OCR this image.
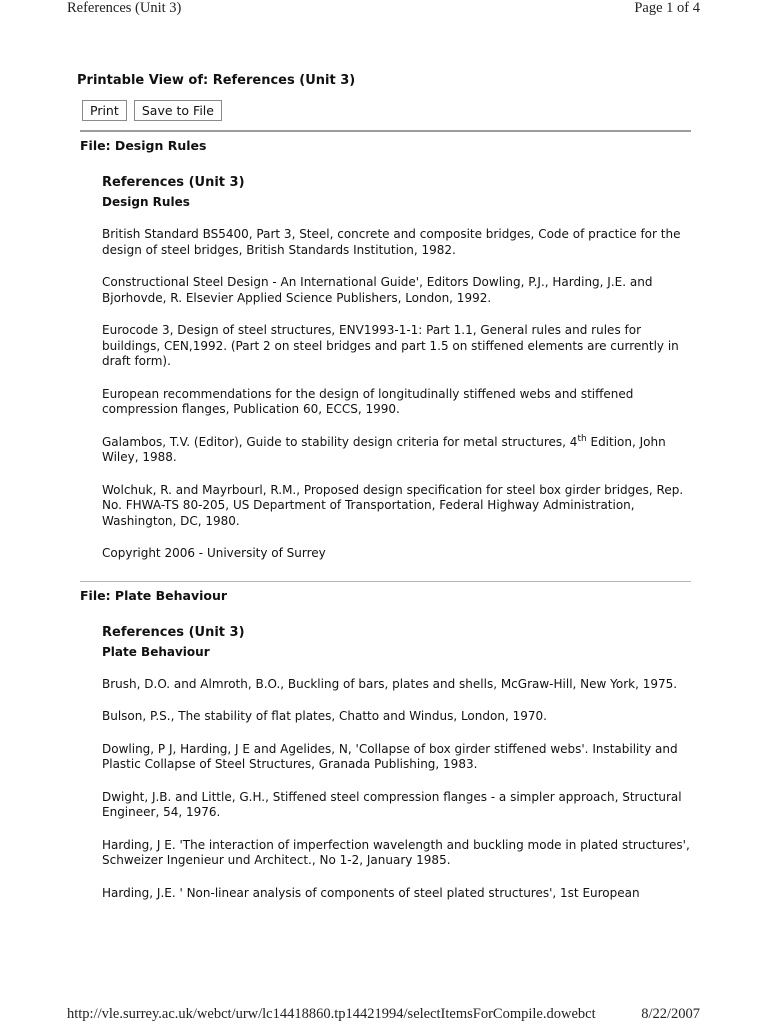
References (Unit 3)	Page 1 of 4
Printable View of: References (Unit 3)
Print Save to File
File: Design Rules
References (Unit 3)
Design Rules

British Standard BS5400, Part 3, Steel, concrete and composite bridges, Code of practice for the design of steel bridges, British Standards Institution, 1982.

Constructional Steel Design - An International Guide', Editors Dowling, P.J., Harding, J.E. and Bjorhovde, R. Elsevier Applied Science Publishers, London, 1992.

Eurocode 3, Design of steel structures, ENV1993-1-1: Part 1.1, General rules and rules for buildings, CEN,1992. (Part 2 on steel bridges and part 1.5 on stiffened elements are currently in draft form).

European recommendations for the design of longitudinally stiffened webs and stiffened compression flanges, Publication 60, ECCS, 1990.

Galambos, T.V. (Editor), Guide to stability design criteria for metal structures, 4th Edition, John Wiley, 1988.

Wolchuk, R. and Mayrbourl, R.M., Proposed design specification for steel box girder bridges, Rep. No. FHWA-TS 80-205, US Department of Transportation, Federal Highway Administration, Washington, DC, 1980.

Copyright 2006 - University of Surrey

File: Plate Behaviour
References (Unit 3)
Plate Behaviour

Brush, D.O. and Almroth, B.O., Buckling of bars, plates and shells, McGraw-Hill, New York, 1975.

Bulson, P.S., The stability of flat plates, Chatto and Windus, London, 1970.

Dowling, P J, Harding, J E and Agelides, N, 'Collapse of box girder stiffened webs'. Instability and Plastic Collapse of Steel Structures, Granada Publishing, 1983.

Dwight, J.B. and Little, G.H., Stiffened steel compression flanges - a simpler approach, Structural Engineer, 54, 1976.

Harding, J E. 'The interaction of imperfection wavelength and buckling mode in plated structures', Schweizer Ingenieur und Architect., No 1-2, January 1985.

Harding, J.E. ' Non-linear analysis of components of steel plated structures', 1st European

http://vle.surrey.ac.uk/webct/urw/lc14418860.tp14421994/selectItemsForCompile.dowebct	8/22/2007
